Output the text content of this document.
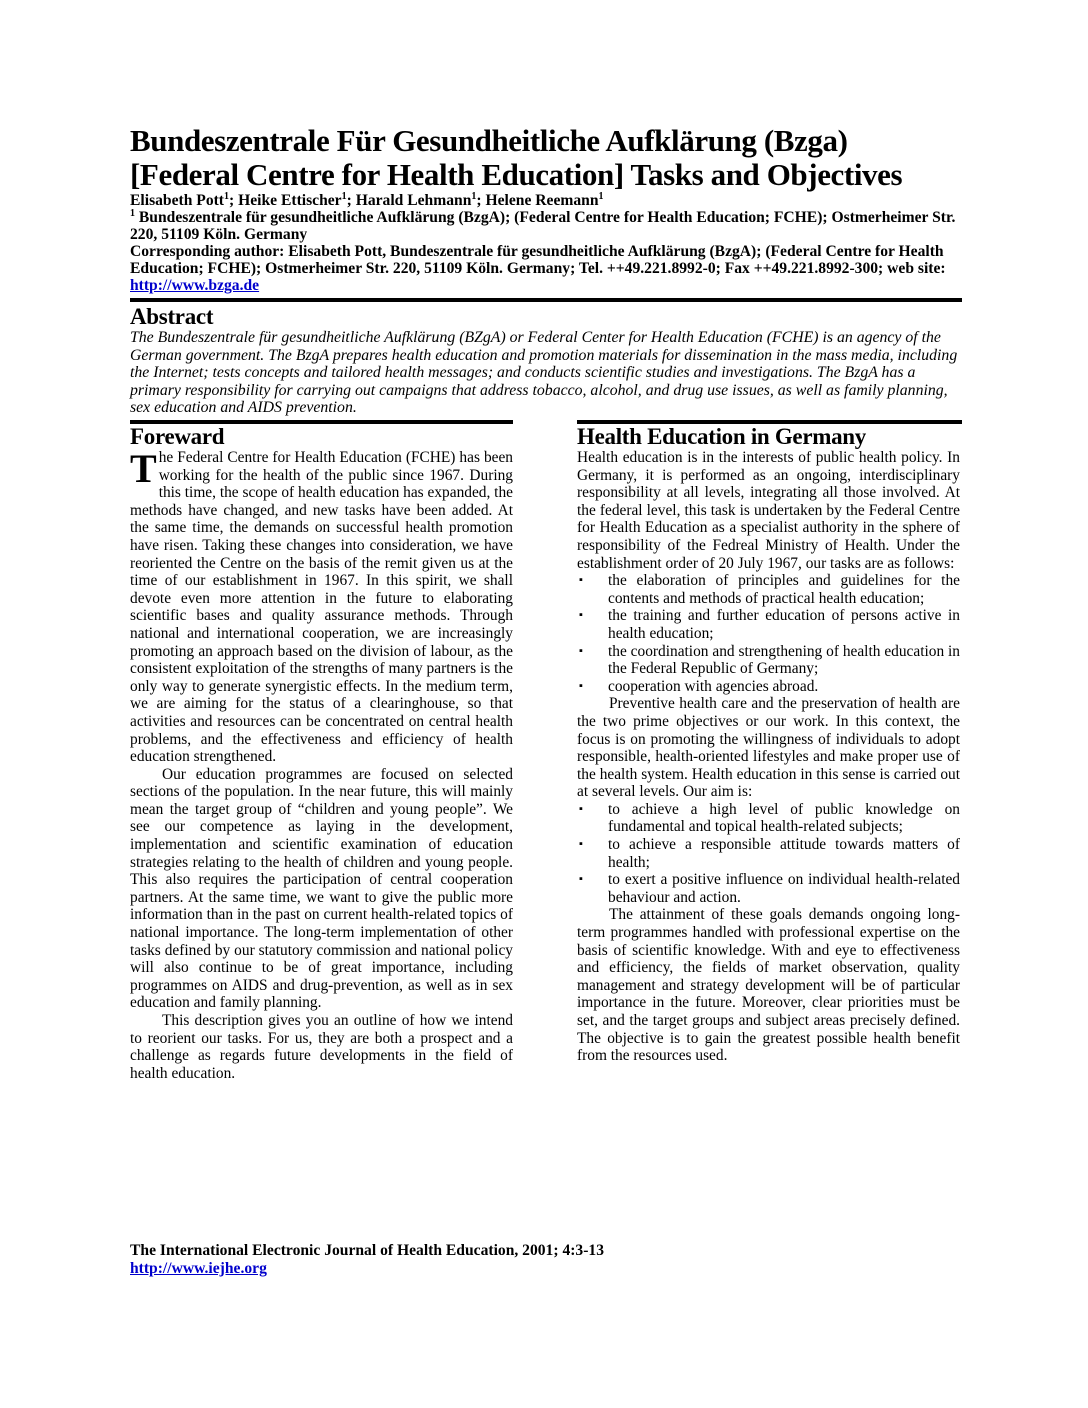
Bundeszentrale Für Gesundheitliche Aufklärung (Bzga) [Federal Centre for Health Education] Tasks and Objectives
Elisabeth Pott$^1$; Heike Ettischer$^1$; Harald Lehmann$^1$; Helene Reemann$^1$
$^1$ Bundeszentrale für gesundheitliche Aufklärung (BzgA); (Federal Centre for Health Education; FCHE); Ostmerheimer Str. 220, 51109 Köln. Germany
Corresponding author: Elisabeth Pott, Bundeszentrale für gesundheitliche Aufklärung (BzgA); (Federal Centre for Health Education; FCHE); Ostmerheimer Str. 220, 51109 Köln. Germany; Tel. ++49.221.8992-0; Fax ++49.221.8992-300; web site: http://www.bzga.de
Abstract
The Bundeszentrale für gesundheitliche Aufklärung (BZgA) or Federal Center for Health Education (FCHE) is an agency of the German government. The BzgA prepares health education and promotion materials for dissemination in the mass media, including the Internet; tests concepts and tailored health messages; and conducts scientific studies and investigations. The BzgA has a primary responsibility for carrying out campaigns that address tobacco, alcohol, and drug use issues, as well as family planning, sex education and AIDS prevention.
Foreward

The Federal Centre for Health Education (FCHE) has been working for the health of the public since 1967. During this time, the scope of health education has expanded, the methods have changed, and new tasks have been added. At the same time, the demands on successful health promotion have risen. Taking these changes into consideration, we have reoriented the Centre on the basis of the remit given us at the time of our establishment in 1967. In this spirit, we shall devote even more attention in the future to elaborating scientific bases and quality assurance methods. Through national and international cooperation, we are increasingly promoting an approach based on the division of labour, as the consistent exploitation of the strengths of many partners is the only way to generate synergistic effects. In the medium term, we are aiming for the status of a clearinghouse, so that activities and resources can be concentrated on central health problems, and the effectiveness and efficiency of health education strengthened.

Our education programmes are focused on selected sections of the population. In the near future, this will mainly mean the target group of “children and young people”. We see our competence as laying in the development, implementation and scientific examination of education strategies relating to the health of children and young people. This also requires the participation of central cooperation partners. At the same time, we want to give the public more information than in the past on current health-related topics of national importance. The long-term implementation of other tasks defined by our statutory commission and national policy will also continue to be of great importance, including programmes on AIDS and drug-prevention, as well as in sex education and family planning.

This description gives you an outline of how we intend to reorient our tasks. For us, they are both a prospect and a challenge as regards future developments in the field of health education.

Health Education in Germany

Health education is in the interests of public health policy. In Germany, it is performed as an ongoing, interdisciplinary responsibility at all levels, integrating all those involved. At the federal level, this task is undertaken by the Federal Centre for Health Education as a specialist authority in the sphere of responsibility of the Fedreal Ministry of Health. Under the establishment order of 20 July 1967, our tasks are as follows:

▪ the elaboration of principles and guidelines for the contents and methods of practical health education;
▪ the training and further education of persons active in health education;
▪ the coordination and strengthening of health education in the Federal Republic of Germany;
▪ cooperation with agencies abroad.

Preventive health care and the preservation of health are the two prime objectives or our work. In this context, the focus is on promoting the willingness of individuals to adopt responsible, health-oriented lifestyles and make proper use of the health system. Health education in this sense is carried out at several levels. Our aim is:

▪ to achieve a high level of public knowledge on fundamental and topical health-related subjects;
▪ to achieve a responsible attitude towards matters of health;
▪ to exert a positive influence on individual health-related behaviour and action.

The attainment of these goals demands ongoing long-term programmes handled with professional expertise on the basis of scientific knowledge. With and eye to effectiveness and efficiency, the fields of market observation, quality management and strategy development will be of particular importance in the future. Moreover, clear priorities must be set, and the target groups and subject areas precisely defined. The objective is to gain the greatest possible health benefit from the resources used.

The International Electronic Journal of Health Education, 2001; 4:3-13
http://www.iejhe.org
